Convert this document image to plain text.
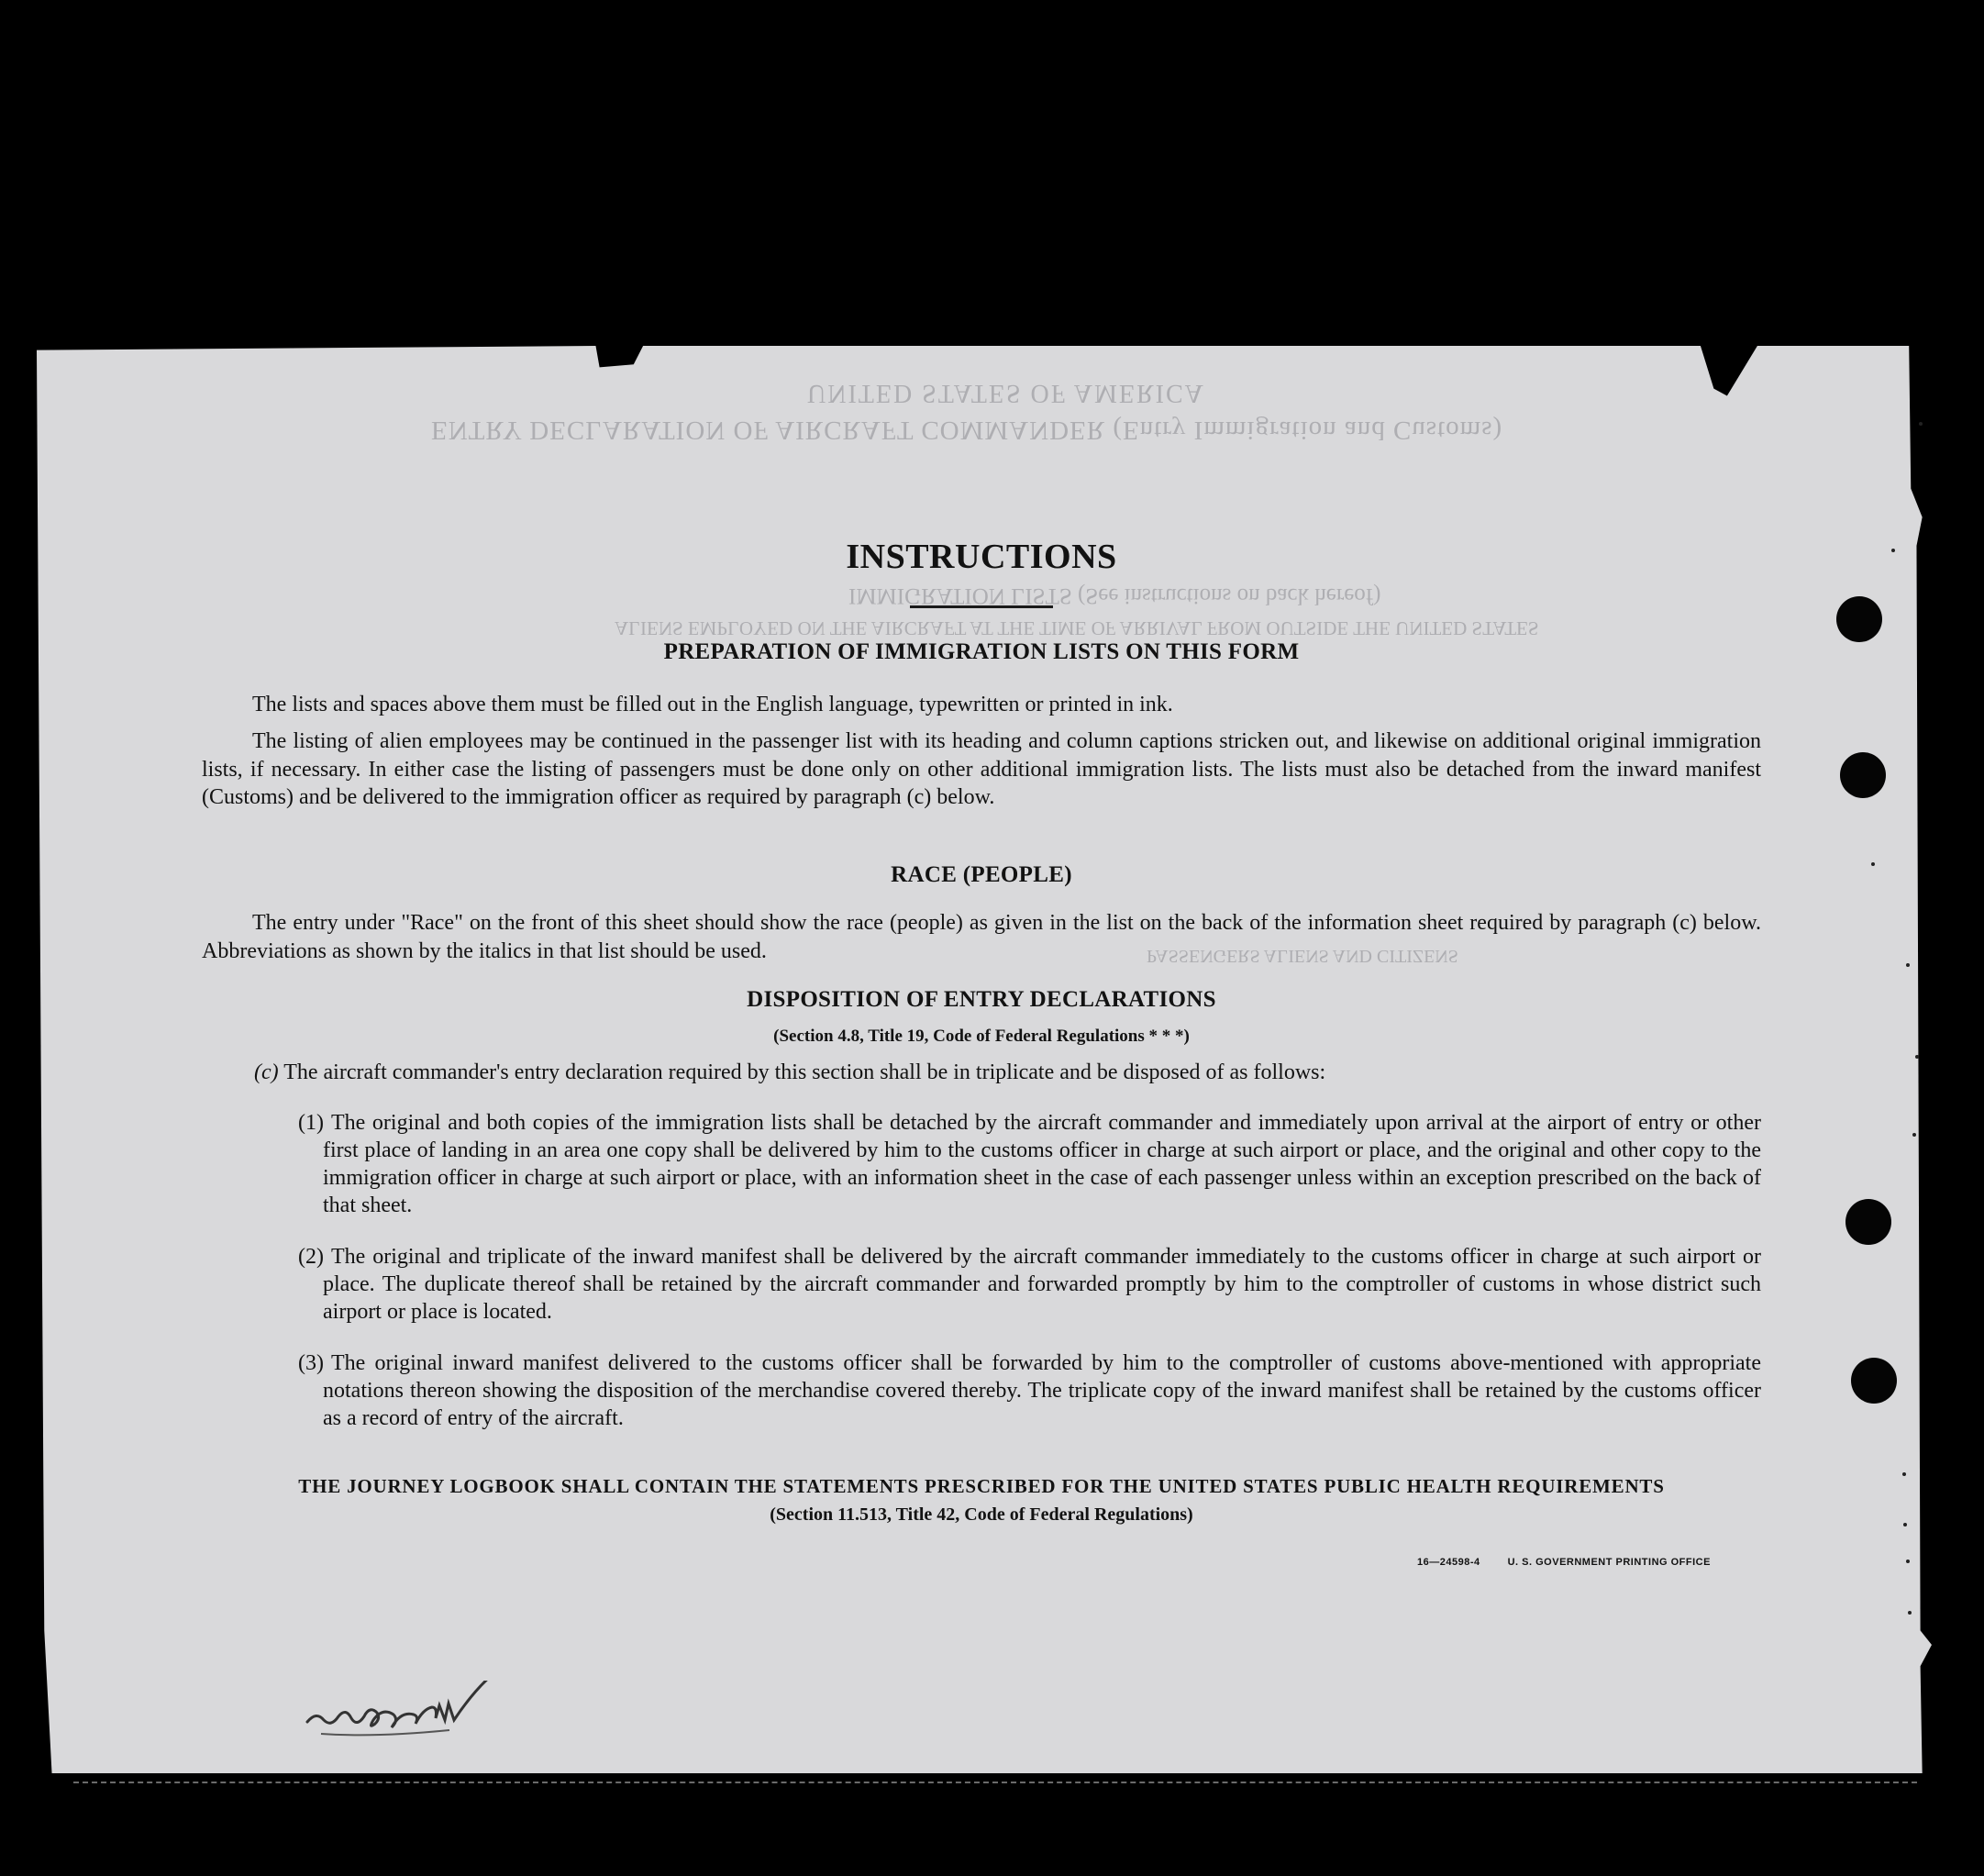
UNITED STATES OF AMERICA
ENTRY DECLARATION OF AIRCRAFT COMMANDER (Entry Immigration and Customs)
IMMIGRATION LISTS (See instructions on back hereof)
ALIENS EMPLOYED ON THE AIRCRAFT AT THE TIME OF ARRIVAL FROM OUTSIDE THE UNITED STATES
PASSENGERS ALIENS AND CITIZENS
INSTRUCTIONS
PREPARATION OF IMMIGRATION LISTS ON THIS FORM

The lists and spaces above them must be filled out in the English language, typewritten or printed in ink.

The listing of alien employees may be continued in the passenger list with its heading and column captions stricken out, and likewise on additional original immigration lists, if necessary. In either case the listing of passengers must be done only on other additional immigration lists. The lists must also be detached from the inward manifest (Customs) and be delivered to the immigration officer as required by paragraph (c) below.

RACE (PEOPLE)

The entry under "Race" on the front of this sheet should show the race (people) as given in the list on the back of the information sheet required by paragraph (c) below. Abbreviations as shown by the italics in that list should be used.

DISPOSITION OF ENTRY DECLARATIONS

(Section 4.8, Title 19, Code of Federal Regulations * * *)

(c) The aircraft commander's entry declaration required by this section shall be in triplicate and be disposed of as follows:

(1) The original and both copies of the immigration lists shall be detached by the aircraft commander and immediately upon arrival at the airport of entry or other first place of landing in an area one copy shall be delivered by him to the customs officer in charge at such airport or place, and the original and other copy to the immigration officer in charge at such airport or place, with an information sheet in the case of each passenger unless within an exception prescribed on the back of that sheet.

(2) The original and triplicate of the inward manifest shall be delivered by the aircraft commander immediately to the customs officer in charge at such airport or place. The duplicate thereof shall be retained by the aircraft commander and forwarded promptly by him to the comptroller of customs in whose district such airport or place is located.

(3) The original inward manifest delivered to the customs officer shall be forwarded by him to the comptroller of customs above-mentioned with appropriate notations thereon showing the disposition of the merchandise covered thereby. The triplicate copy of the inward manifest shall be retained by the customs officer as a record of entry of the aircraft.

THE JOURNEY LOGBOOK SHALL CONTAIN THE STATEMENTS PRESCRIBED FOR THE UNITED STATES PUBLIC HEALTH REQUIREMENTS

(Section 11.513, Title 42, Code of Federal Regulations)

16—24598-4	U. S. GOVERNMENT PRINTING OFFICE
